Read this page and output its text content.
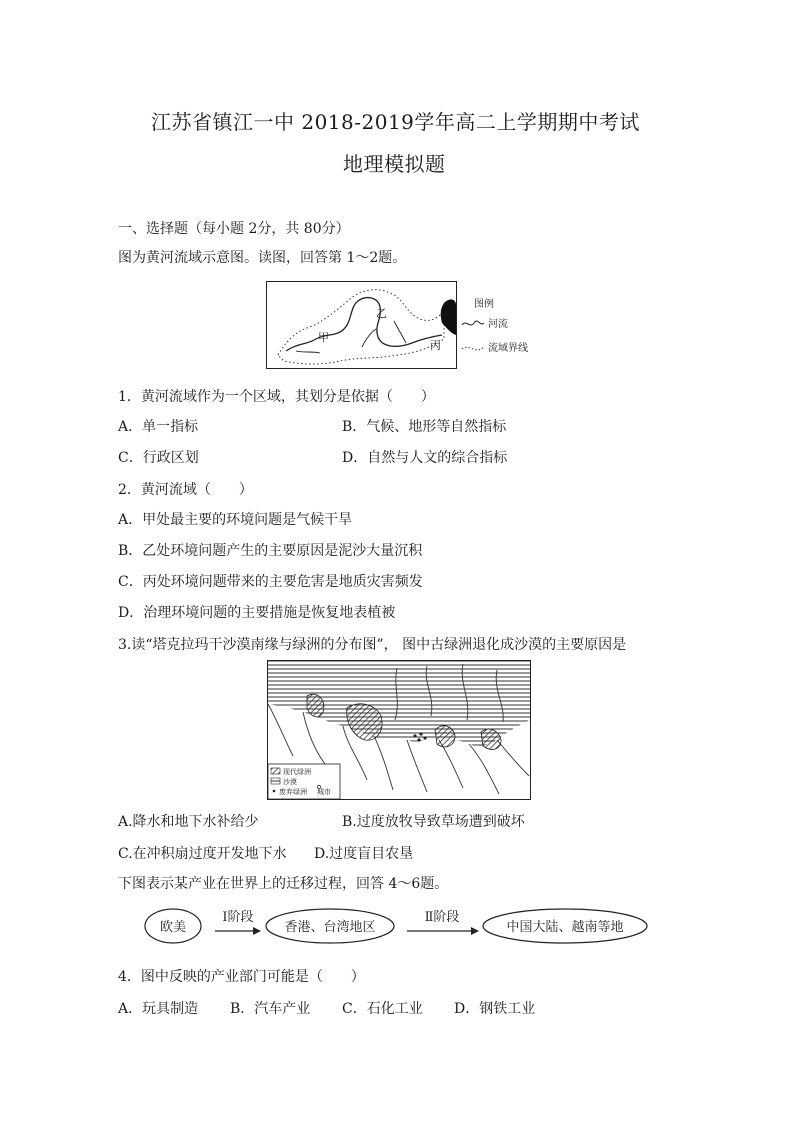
江苏省镇江一中 2018-2019学年高二上学期期中考试
地理模拟题
一、选择题（每小题 2分，共 80分）
图为黄河流域示意图。读图，回答第 1～2题。
甲
乙
丙
图例
河流
流域界线
1．黄河流域作为一个区域，其划分是依据（　　）
A．单一指标	B．气候、地形等自然指标
C．行政区划	D．自然与人文的综合指标
2．黄河流域（　　）
A．甲处最主要的环境问题是气候干旱
B．乙处环境问题产生的主要原因是泥沙大量沉积
C．丙处环境问题带来的主要危害是地质灾害频发
D．治理环境问题的主要措施是恢复地表植被
3.读“塔克拉玛干沙漠南缘与绿洲的分布图”， 图中古绿洲退化成沙漠的主要原因是
现代绿洲
沙漠
废弃绿洲 城市
A.降水和地下水补给少	B.过度放牧导致草场遭到破坏
C.在冲积扇过度开发地下水 D.过度盲目农垦
下图表示某产业在世界上的迁移过程，回答 4～6题。
欧美
Ⅰ阶段
香港、台湾地区
Ⅱ阶段
中国大陆、越南等地
4．图中反映的产业部门可能是（　　）
A．玩具制造 B．汽车产业 C．石化工业 D．钢铁工业
